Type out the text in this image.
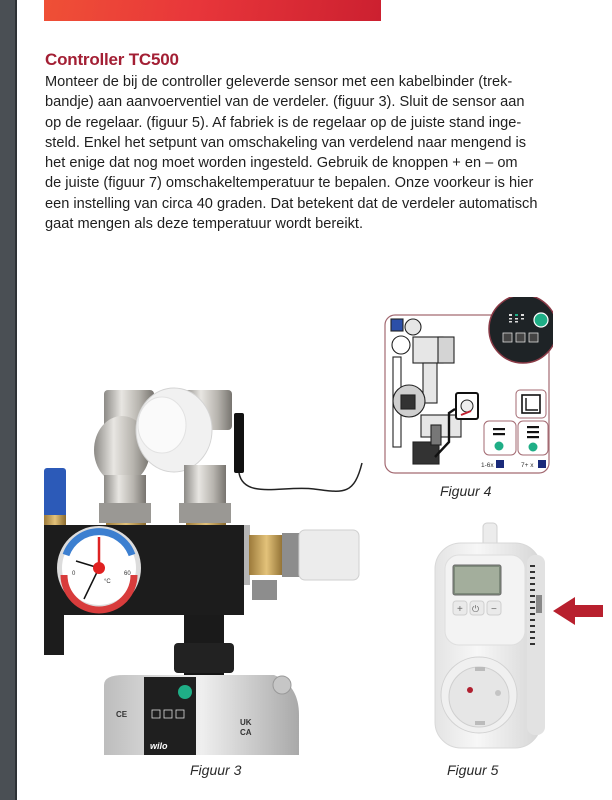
Controller TC500

Monteer de bij de controller geleverde sensor met een kabelbinder (trek-

bandje) aan aanvoerventiel van de verdeler. (figuur 3). Sluit de sensor aan

op de regelaar. (figuur 5). Af fabriek is de regelaar op de juiste stand inge-

steld. Enkel het setpunt van omschakeling van verdelend naar mengend is

het enige dat nog moet worden ingesteld. Gebruik de knoppen + en – om

de juiste (figuur 7) omschakeltemperatuur te bepalen. Onze voorkeur is hier

een instelling van circa 40 graden. Dat betekent dat de verdeler automatisch

gaat mengen als deze temperatuur wordt bereikt.

0	60
°C
wilo
UK
CA
CE
Figuur 3
1-6x	7+ x
Figuur 4
+ ⏻ −
Figuur 5
